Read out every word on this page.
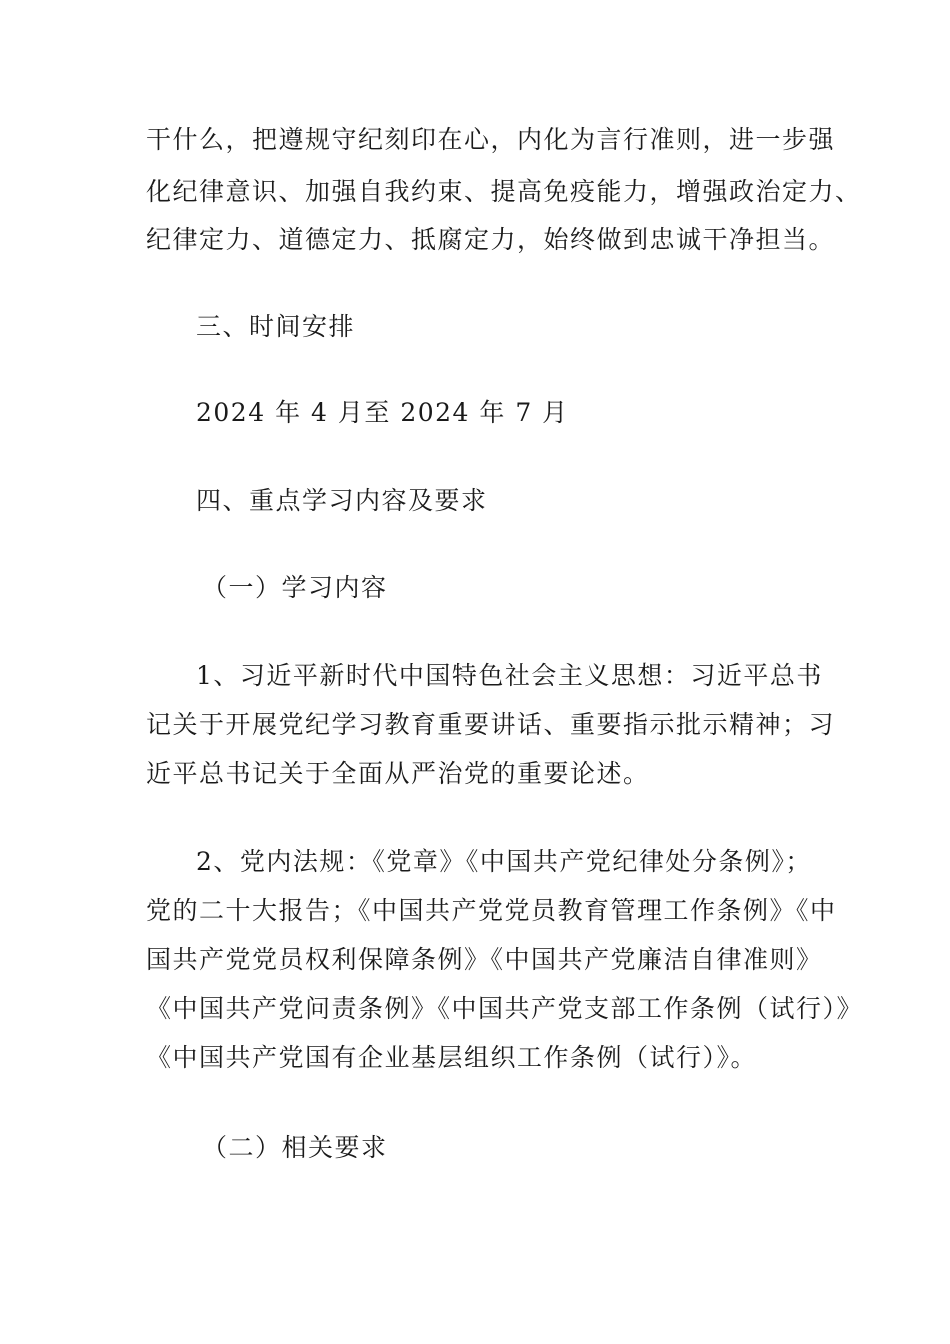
干什么，把遵规守纪刻印在心，内化为言行准则，进一步强
化纪律意识、加强自我约束、提高免疫能力，增强政治定力、
纪律定力、道德定力、抵腐定力，始终做到忠诚干净担当。
三、时间安排
2024 年 4 月至 2024 年 7 月
四、重点学习内容及要求
（一）学习内容
1、习近平新时代中国特色社会主义思想：习近平总书
记关于开展党纪学习教育重要讲话、重要指示批示精神；习
近平总书记关于全面从严治党的重要论述。
2、党内法规：《党章》《中国共产党纪律处分条例》；
党的二十大报告；《中国共产党党员教育管理工作条例》《中
国共产党党员权利保障条例》《中国共产党廉洁自律准则》
《中国共产党问责条例》《中国共产党支部工作条例（试行）》
《中国共产党国有企业基层组织工作条例（试行）》。
（二）相关要求
